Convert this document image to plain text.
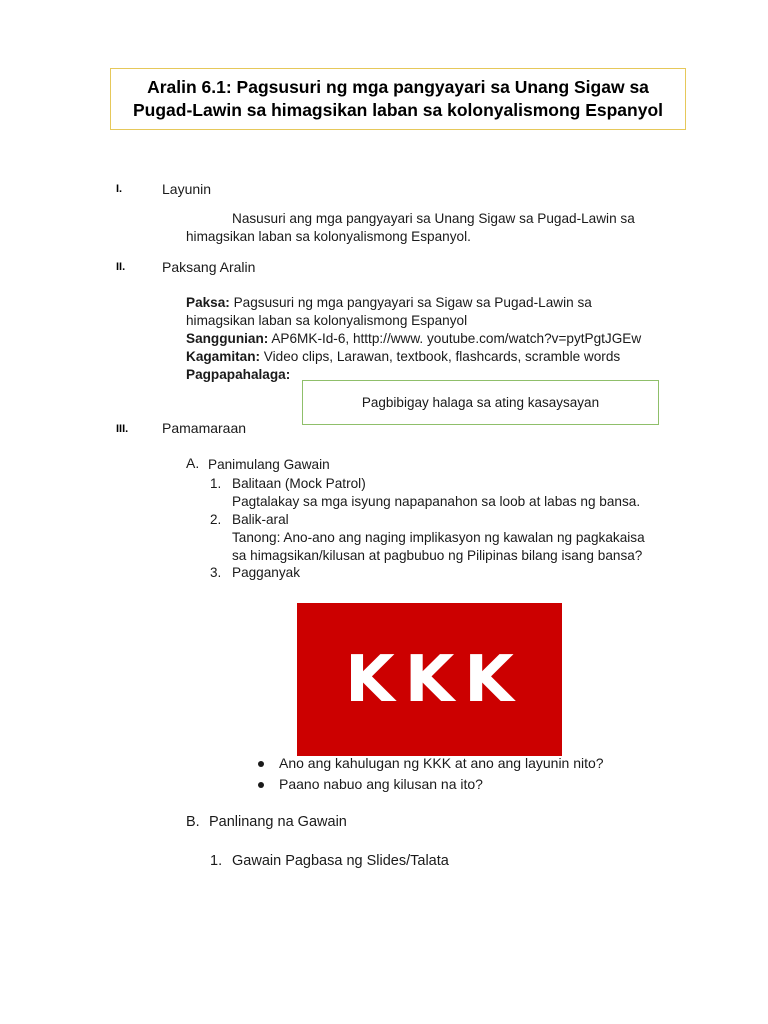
Aralin 6.1: Pagsusuri ng mga pangyayari sa Unang Sigaw sa
Pugad-Lawin sa himagsikan laban sa kolonyalismong Espanyol
I.	Layunin
Nasusuri ang mga pangyayari sa Unang Sigaw sa Pugad-Lawin sa
himagsikan laban sa kolonyalismong Espanyol.
II.	Paksang Aralin
Paksa: Pagsusuri ng mga pangyayari sa Sigaw sa Pugad-Lawin sa
himagsikan laban sa kolonyalismong Espanyol
Sanggunian: AP6MK-Id-6, htttp://www. youtube.com/watch?v=pytPgtJGEw
Kagamitan: Video clips, Larawan, textbook, flashcards, scramble words
Pagpapahalaga:
Pagbibigay halaga sa ating kasaysayan
III. Pamamaraan
A. Panimulang Gawain
1. Balitaan (Mock Patrol)
Pagtalakay sa mga isyung napapanahon sa loob at labas ng bansa.
2. Balik-aral
Tanong: Ano-ano ang naging implikasyon ng kawalan ng pagkakaisa
sa himagsikan/kilusan at pagbubuo ng Pilipinas bilang isang bansa?
3. Pagganyak
KKK
Ano ang kahulugan ng KKK at ano ang layunin nito?
Paano nabuo ang kilusan na ito?
B. Panlinang na Gawain
1. Gawain Pagbasa ng Slides/Talata
